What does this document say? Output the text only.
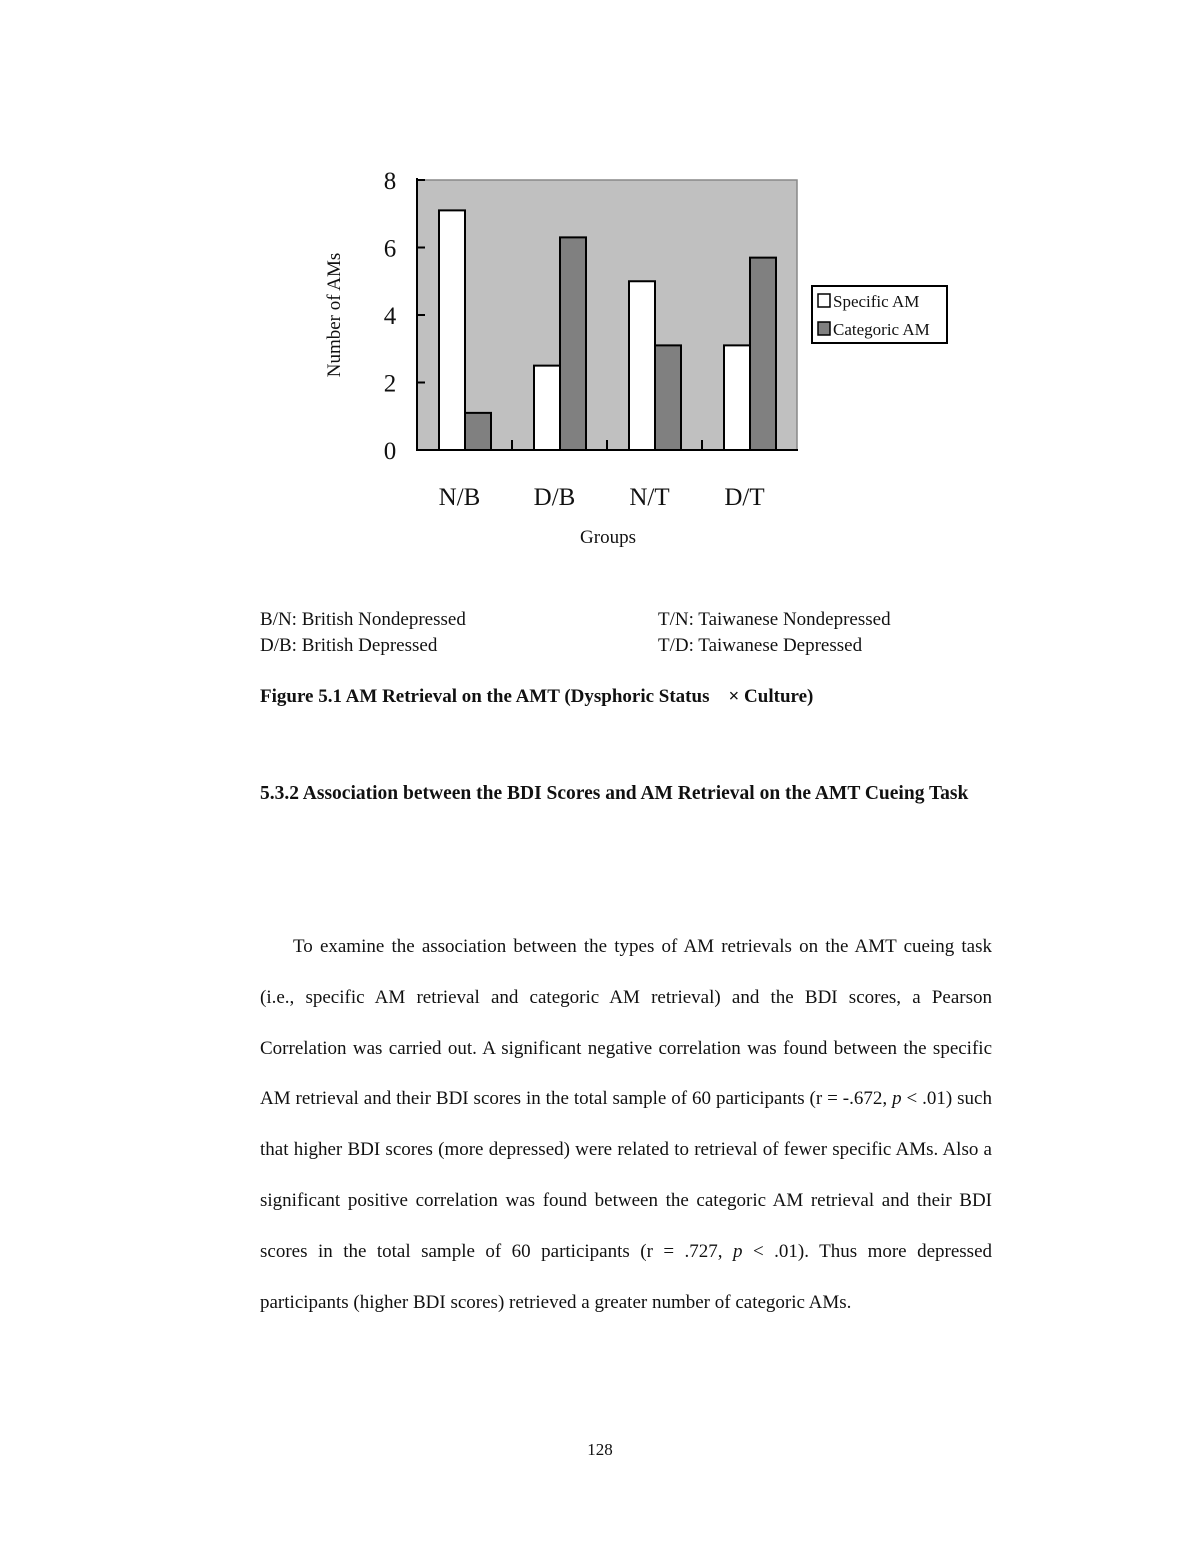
0
2
4
6
8
N/B D/B N/T D/T
Number of AMs
Groups
Specific AM
Categoric AM
B/N: British Nondepressed
D/B: British Depressed
T/N: Taiwanese Nondepressed
T/D: Taiwanese Depressed
Figure 5.1 AM Retrieval on the AMT (Dysphoric Status × Culture)
5.3.2 Association between the BDI Scores and AM Retrieval on the AMT Cueing Task

To examine the association between the types of AM retrievals on the AMT cueing task (i.e., specific AM retrieval and categoric AM retrieval) and the BDI scores, a Pearson Correlation was carried out. A significant negative correlation was found between the specific AM retrieval and their BDI scores in the total sample of 60 participants (r = -.672, p < .01) such that higher BDI scores (more depressed) were related to retrieval of fewer specific AMs. Also a significant positive correlation was found between the categoric AM retrieval and their BDI scores in the total sample of 60 participants (r = .727, p < .01). Thus more depressed participants (higher BDI scores) retrieved a greater number of categoric AMs.

128
